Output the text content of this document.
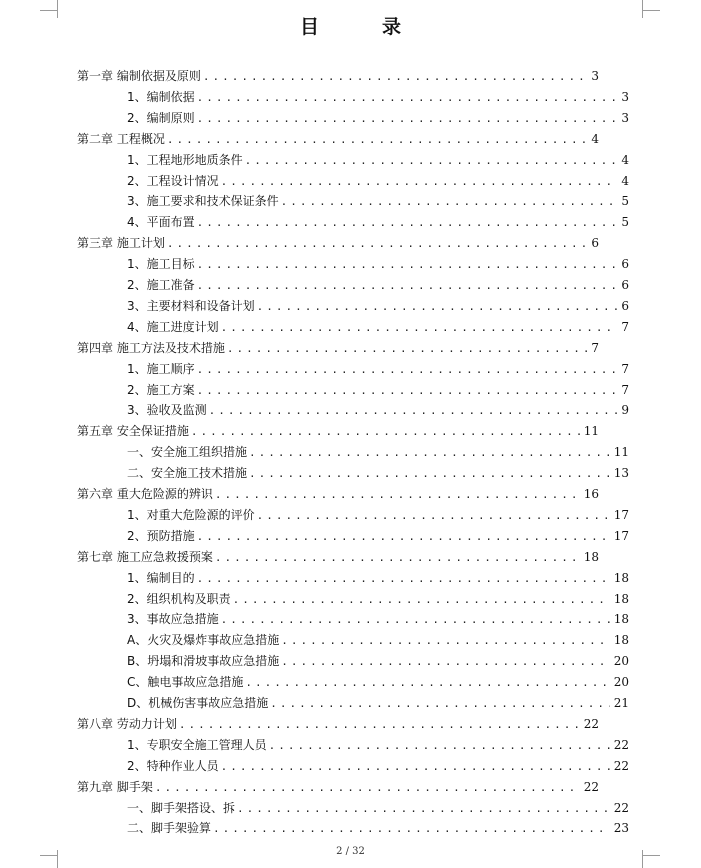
目　录
第一章 编制依据及原则 .....	3
1、编制依据 .....	3
2、编制原则 .....	3
第二章 工程概况 .....	4
1、工程地形地质条件 .....	4
2、工程设计情况 .....	4
3、施工要求和技术保证条件 .....	5
4、平面布置 .....	5
第三章 施工计划 .....	6
1、施工目标 .....	6
2、施工准备 .....	6
3、主要材料和设备计划 .....	6
4、施工进度计划 .....	7
第四章 施工方法及技术措施 .....	7
1、施工顺序 .....	7
2、施工方案 .....	7
3、验收及监测 .....	9
第五章 安全保证措施 .....	11
一、安全施工组织措施 .....	11
二、安全施工技术措施 .....	13
第六章 重大危险源的辨识 .....	16
1、对重大危险源的评价 .....	17
2、预防措施 .....	17
第七章 施工应急救援预案 .....	18
1、编制目的 .....	18
2、组织机构及职责 .....	18
3、事故应急措施 .....	18
A、火灾及爆炸事故应急措施 .....	18
B、坍塌和滑坡事故应急措施 .....	20
C、触电事故应急措施 .....	20
D、机械伤害事故应急措施 .....	21
第八章 劳动力计划 .....	22
1、专职安全施工管理人员 .....	22
2、特种作业人员 .....	22
第九章 脚手架 .....	22
一、脚手架搭设、拆 .....	22
二、脚手架验算 .....	23
2 / 32
